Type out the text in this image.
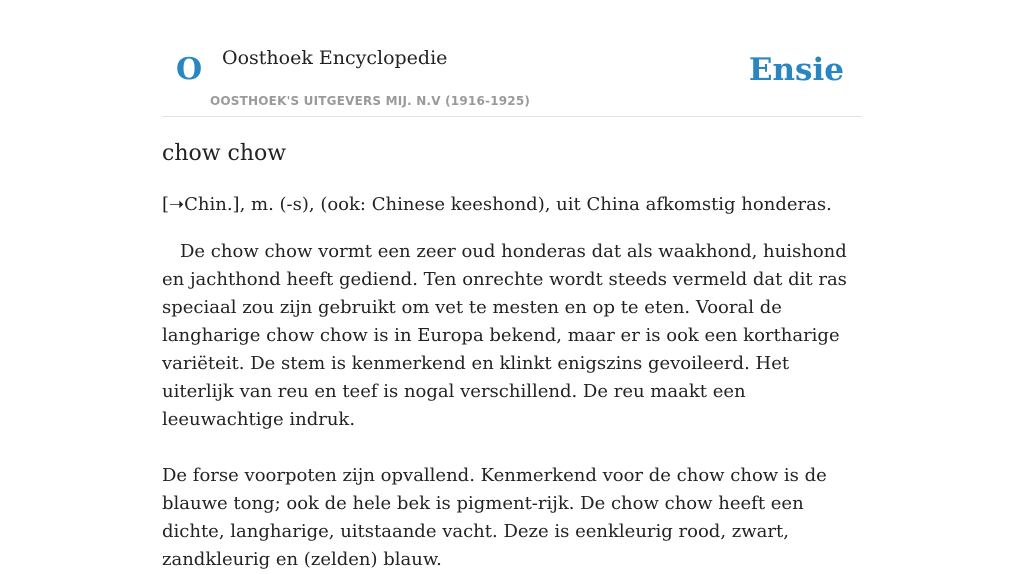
O Oosthoek Encyclopedie
OOSTHOEK'S UITGEVERS MIJ. N.V (1916-1925)
Ensie
chow chow

[➝Chin.], m. (-s), (ook: Chinese keeshond), uit China afkomstig honderas.

De chow chow vormt een zeer oud honderas dat als waakhond, huishond en jachthond heeft gediend. Ten onrechte wordt steeds vermeld dat dit ras speciaal zou zijn gebruikt om vet te mesten en op te eten. Vooral de langharige chow chow is in Europa bekend, maar er is ook een kortharige variëteit. De stem is kenmerkend en klinkt enigszins gevoileerd. Het uiterlijk van reu en teef is nogal verschillend. De reu maakt een leeuwachtige indruk.

De forse voorpoten zijn opvallend. Kenmerkend voor de chow chow is de blauwe tong; ook de hele bek is pigment-rijk. De chow chow heeft een dichte, langharige, uitstaande vacht. Deze is eenkleurig rood, zwart, zandkleurig en (zelden) blauw.
